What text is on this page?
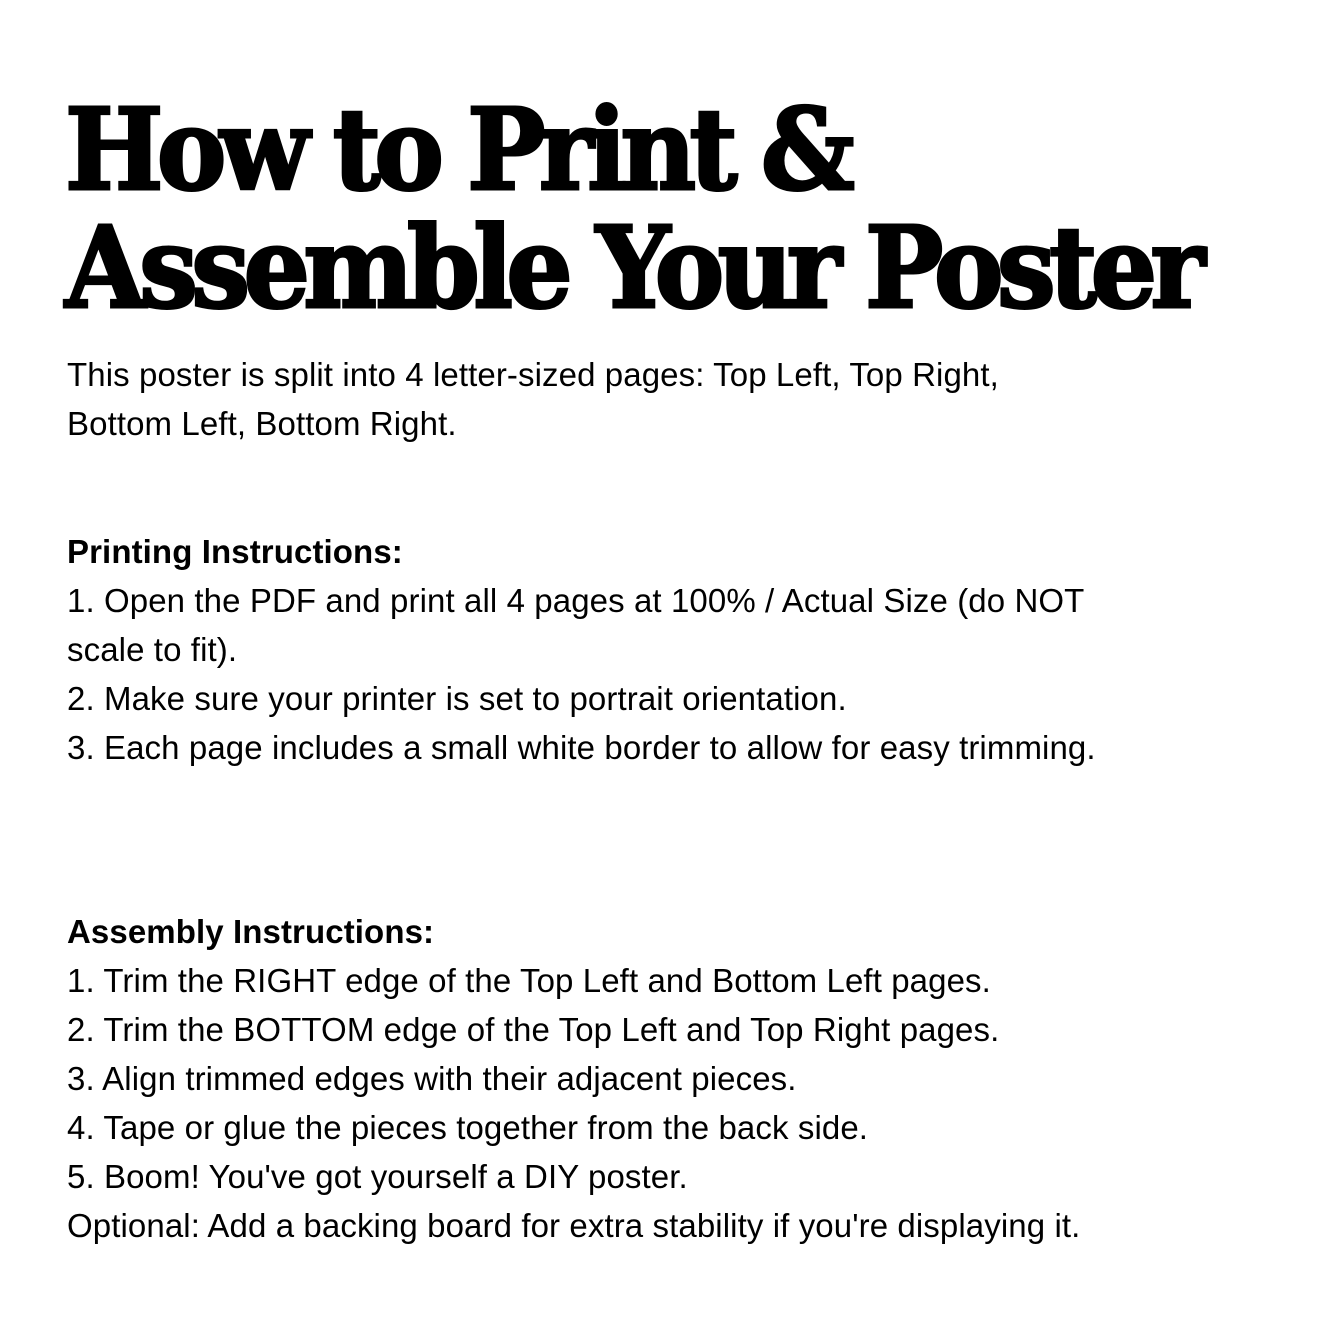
How to Print &
Assemble Your Poster

This poster is split into 4 letter-sized pages: Top Left, Top Right, Bottom Left, Bottom Right.

Printing Instructions:
1. Open the PDF and print all 4 pages at 100% / Actual Size (do NOT scale to fit).
2. Make sure your printer is set to portrait orientation.
3. Each page includes a small white border to allow for easy trimming.
Assembly Instructions:
1. Trim the RIGHT edge of the Top Left and Bottom Left pages.
2. Trim the BOTTOM edge of the Top Left and Top Right pages.
3. Align trimmed edges with their adjacent pieces.
4. Tape or glue the pieces together from the back side.
5. Boom! You've got yourself a DIY poster.
Optional: Add a backing board for extra stability if you're displaying it.
